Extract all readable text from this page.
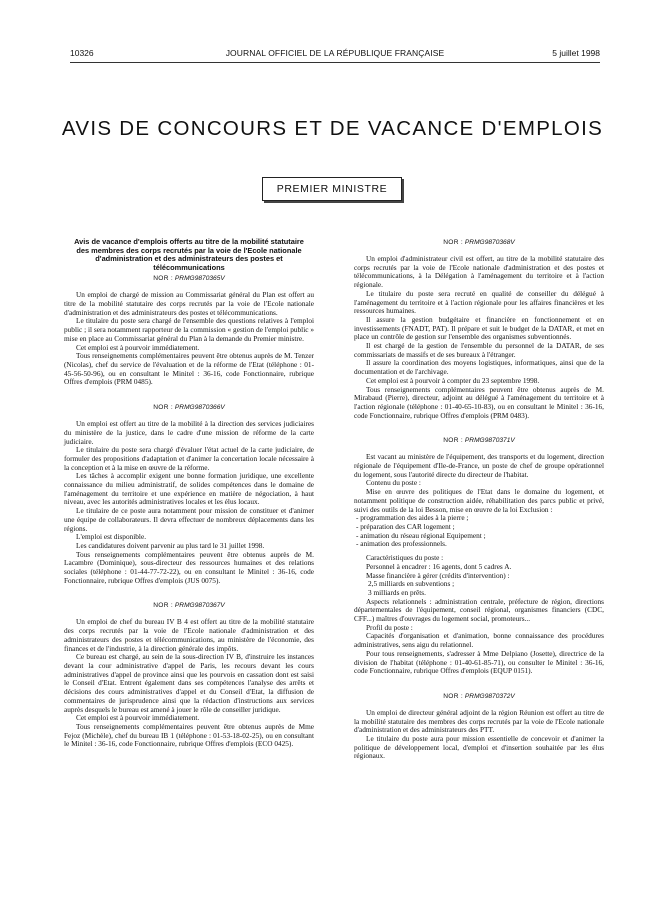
10326	JOURNAL OFFICIEL DE LA RÉPUBLIQUE FRANÇAISE	5 juillet 1998
AVIS DE CONCOURS ET DE VACANCE D'EMPLOIS
PREMIER MINISTRE
Avis de vacance d'emplois offerts au titre de la mobilité statutaire des membres des corps recrutés par la voie de l'Ecole nationale d'administration et des administrateurs des postes et télécommunications
NOR : PRMG9870365V

Un emploi de chargé de mission au Commissariat général du Plan est offert au titre de la mobilité statutaire des corps recrutés par la voie de l'Ecole nationale d'administration et des administrateurs des postes et télécommunications.

Le titulaire du poste sera chargé de l'ensemble des questions relatives à l'emploi public ; il sera notamment rapporteur de la commission « gestion de l'emploi public » mise en place au Commissariat général du Plan à la demande du Premier ministre.

Cet emploi est à pourvoir immédiatement.

Tous renseignements complémentaires peuvent être obtenus auprès de M. Tenzer (Nicolas), chef du service de l'évaluation et de la réforme de l'Etat (téléphone : 01-45-56-50-96), ou en consultant le Minitel : 36-16, code Fonctionnaire, rubrique Offres d'emplois (PRM 0485).

NOR : PRMG9870366V

Un emploi est offert au titre de la mobilité à la direction des services judiciaires du ministère de la justice, dans le cadre d'une mission de réforme de la carte judiciaire.

Le titulaire du poste sera chargé d'évaluer l'état actuel de la carte judiciaire, de formuler des propositions d'adaptation et d'animer la concertation locale nécessaire à la conception et à la mise en œuvre de la réforme.

Les tâches à accomplir exigent une bonne formation juridique, une excellente connaissance du milieu administratif, de solides compétences dans le domaine de l'aménagement du territoire et une expérience en matière de négociation, à haut niveau, avec les autorités administratives locales et les élus locaux.

Le titulaire de ce poste aura notamment pour mission de constituer et d'animer une équipe de collaborateurs. Il devra effectuer de nombreux déplacements dans les régions.

L'emploi est disponible.

Les candidatures doivent parvenir au plus tard le 31 juillet 1998.

Tous renseignements complémentaires peuvent être obtenus auprès de M. Lacambre (Dominique), sous-directeur des ressources humaines et des relations sociales (téléphone : 01-44-77-72-22), ou en consultant le Minitel : 36-16, code Fonctionnaire, rubrique Offres d'emplois (JUS 0075).

NOR : PRMG9870367V

Un emploi de chef du bureau IV B 4 est offert au titre de la mobilité statutaire des corps recrutés par la voie de l'Ecole nationale d'administration et des administrateurs des postes et télécommunications, au ministère de l'économie, des finances et de l'industrie, à la direction générale des impôts.

Ce bureau est chargé, au sein de la sous-direction IV B, d'instruire les instances devant la cour administrative d'appel de Paris, les recours devant les cours administratives d'appel de province ainsi que les pourvois en cassation dont est saisi le Conseil d'Etat. Entrent également dans ses compétences l'analyse des arrêts et décisions des cours administratives d'appel et du Conseil d'Etat, la diffusion de commentaires de jurisprudence ainsi que la rédaction d'instructions aux services auprès desquels le bureau est amené à jouer le rôle de conseiller juridique.

Cet emploi est à pourvoir immédiatement.

Tous renseignements complémentaires peuvent être obtenus auprès de Mme Fejoz (Michèle), chef du bureau IB 1 (téléphone : 01-53-18-02-25), ou en consultant le Minitel : 36-16, code Fonctionnaire, rubrique Offres d'emplois (ECO 0425).

NOR : PRMG9870368V

Un emploi d'administrateur civil est offert, au titre de la mobilité statutaire des corps recrutés par la voie de l'Ecole nationale d'administration et des postes et télécommunications, à la Délégation à l'aménagement du territoire et à l'action régionale.

Le titulaire du poste sera recruté en qualité de conseiller du délégué à l'aménagement du territoire et à l'action régionale pour les affaires financières et les ressources humaines.

Il assure la gestion budgétaire et financière en fonctionnement et en investissements (FNADT, PAT). Il prépare et suit le budget de la DATAR, et met en place un contrôle de gestion sur l'ensemble des organismes subventionnés.

Il est chargé de la gestion de l'ensemble du personnel de la DATAR, de ses commissariats de massifs et de ses bureaux à l'étranger.

Il assure la coordination des moyens logistiques, informatiques, ainsi que de la documentation et de l'archivage.

Cet emploi est à pourvoir à compter du 23 septembre 1998.

Tous renseignements complémentaires peuvent être obtenus auprès de M. Mirabaud (Pierre), directeur, adjoint au délégué à l'aménagement du territoire et à l'action régionale (téléphone : 01-40-65-10-83), ou en consultant le Minitel : 36-16, code Fonctionnaire, rubrique Offres d'emplois (PRM 0483).

NOR : PRMG9870371V

Est vacant au ministère de l'équipement, des transports et du logement, direction régionale de l'équipement d'Ile-de-France, un poste de chef de groupe opérationnel du logement, sous l'autorité directe du directeur de l'habitat.

Contenu du poste :

Mise en œuvre des politiques de l'Etat dans le domaine du logement, et notamment politique de construction aidée, réhabilitation des parcs public et privé, suivi des outils de la loi Besson, mise en œuvre de la loi Exclusion :

- programmation des aides à la pierre ;

- préparation des CAR logement ;

- animation du réseau régional Equipement ;

- animation des professionnels.

Caractéristiques du poste :

Personnel à encadrer : 16 agents, dont 5 cadres A.

Masse financière à gérer (crédits d'intervention) :

2,5 milliards en subventions ;

3 milliards en prêts.

Aspects relationnels : administration centrale, préfecture de région, directions départementales de l'équipement, conseil régional, organismes financiers (CDC, CFF...) maîtres d'ouvrages du logement social, promoteurs...

Profil du poste :

Capacités d'organisation et d'animation, bonne connaissance des procédures administratives, sens aigu du relationnel.

Pour tous renseignements, s'adresser à Mme Delpiano (Josette), directrice de la division de l'habitat (téléphone : 01-40-61-85-71), ou consulter le Minitel : 36-16, code Fonctionnaire, rubrique Offres d'emplois (EQUP 0151).

NOR : PRMG9870372V

Un emploi de directeur général adjoint de la région Réunion est offert au titre de la mobilité statutaire des membres des corps recrutés par la voie de l'Ecole nationale d'administration et des administrateurs des PTT.

Le titulaire du poste aura pour mission essentielle de concevoir et d'animer la politique de développement local, d'emploi et d'insertion souhaitée par les élus régionaux.
